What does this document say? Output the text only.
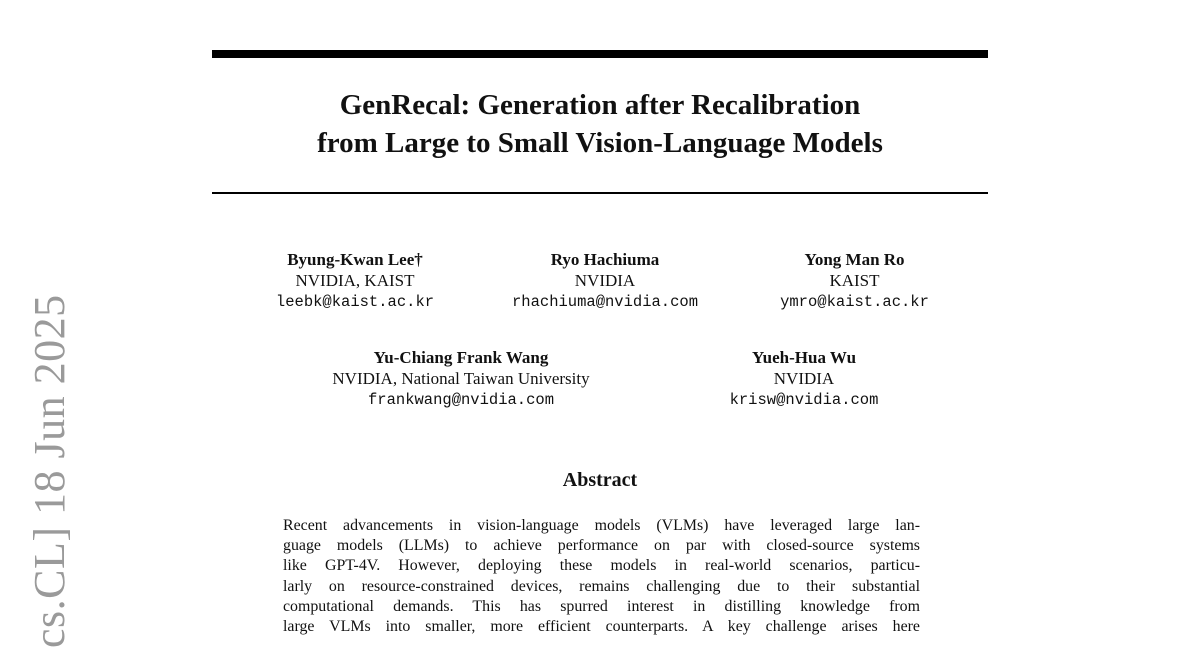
GenRecal: Generation after Recalibration
from Large to Small Vision-Language Models
Byung-Kwan Lee†
NVIDIA, KAIST
leebk@kaist.ac.kr
Ryo Hachiuma
NVIDIA
rhachiuma@nvidia.com
Yong Man Ro
KAIST
ymro@kaist.ac.kr
Yu-Chiang Frank Wang
NVIDIA, National Taiwan University
frankwang@nvidia.com
Yueh-Hua Wu
NVIDIA
krisw@nvidia.com
Abstract
Recent advancements in vision-language models (VLMs) have leveraged large lan-
guage models (LLMs) to achieve performance on par with closed-source systems
like GPT-4V. However, deploying these models in real-world scenarios, particu-
larly on resource-constrained devices, remains challenging due to their substantial
computational demands. This has spurred interest in distilling knowledge from
large VLMs into smaller, more efficient counterparts. A key challenge arises here
cs.CL] 18 Jun 2025
